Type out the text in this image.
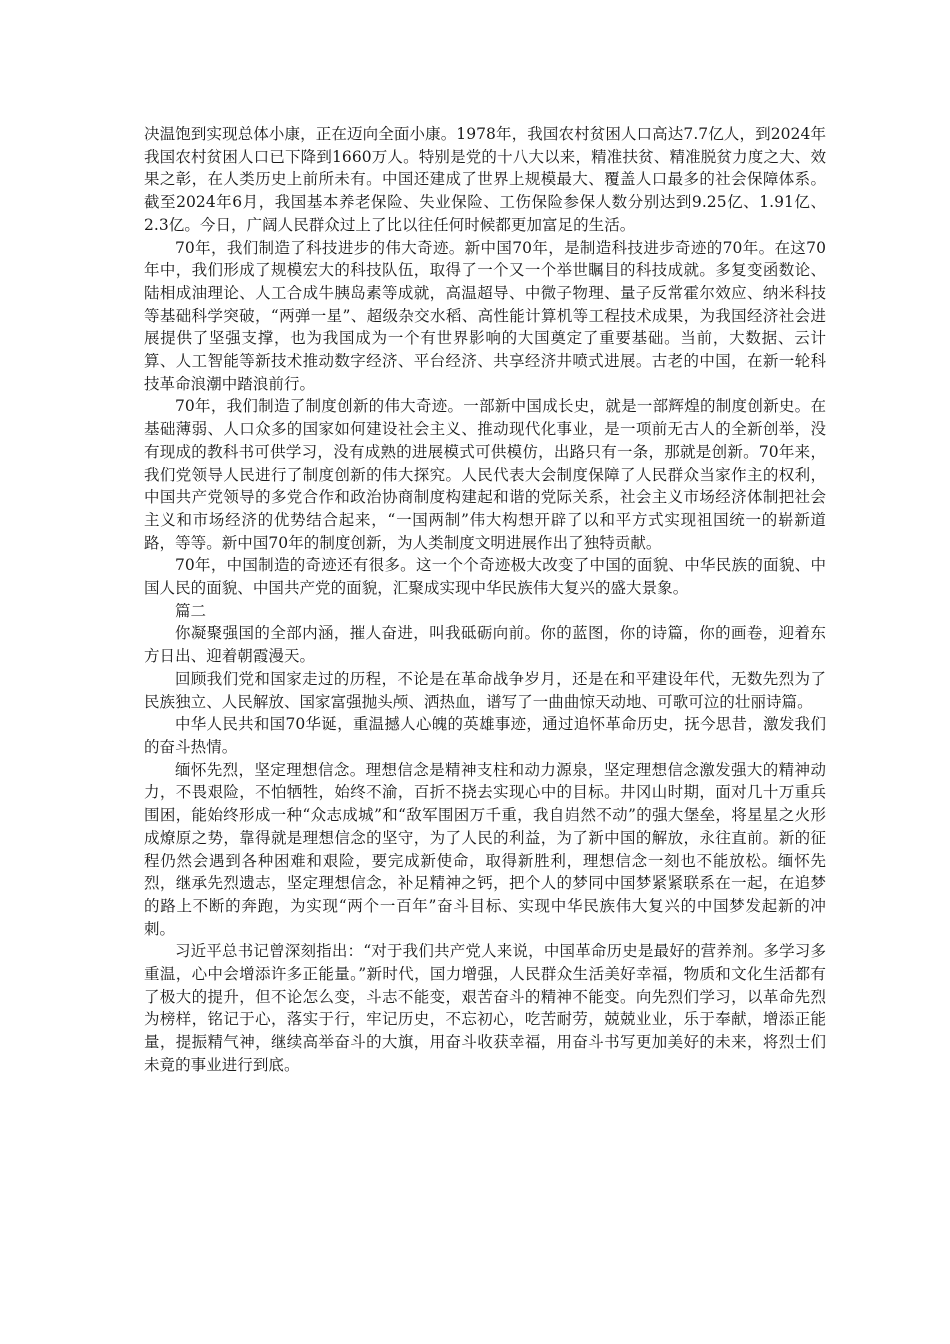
决温饱到实现总体小康，正在迈向全面小康。1978年，我国农村贫困人口高达7.7亿人，到2024年我国农村贫困人口已下降到1660万人。特别是党的十八大以来，精准扶贫、精准脱贫力度之大、效果之彰，在人类历史上前所未有。中国还建成了世界上规模最大、覆盖人口最多的社会保障体系。截至2024年6月，我国基本养老保险、失业保险、工伤保险参保人数分别达到9.25亿、1.91亿、2.3亿。今日，广阔人民群众过上了比以往任何时候都更加富足的生活。

70年，我们制造了科技进步的伟大奇迹。新中国70年，是制造科技进步奇迹的70年。在这70年中，我们形成了规模宏大的科技队伍，取得了一个又一个举世瞩目的科技成就。多复变函数论、陆相成油理论、人工合成牛胰岛素等成就，高温超导、中微子物理、量子反常霍尔效应、纳米科技等基础科学突破，“两弹一星”、超级杂交水稻、高性能计算机等工程技术成果，为我国经济社会进展提供了坚强支撑，也为我国成为一个有世界影响的大国奠定了重要基础。当前，大数据、云计算、人工智能等新技术推动数字经济、平台经济、共享经济井喷式进展。古老的中国，在新一轮科技革命浪潮中踏浪前行。

70年，我们制造了制度创新的伟大奇迹。一部新中国成长史，就是一部辉煌的制度创新史。在基础薄弱、人口众多的国家如何建设社会主义、推动现代化事业，是一项前无古人的全新创举，没有现成的教科书可供学习，没有成熟的进展模式可供模仿，出路只有一条，那就是创新。70年来，我们党领导人民进行了制度创新的伟大探究。人民代表大会制度保障了人民群众当家作主的权利，中国共产党领导的多党合作和政治协商制度构建起和谐的党际关系，社会主义市场经济体制把社会主义和市场经济的优势结合起来，“一国两制”伟大构想开辟了以和平方式实现祖国统一的崭新道路，等等。新中国70年的制度创新，为人类制度文明进展作出了独特贡献。

70年，中国制造的奇迹还有很多。这一个个奇迹极大改变了中国的面貌、中华民族的面貌、中国人民的面貌、中国共产党的面貌，汇聚成实现中华民族伟大复兴的盛大景象。

篇二

你凝聚强国的全部内涵，摧人奋进，叫我砥砺向前。你的蓝图，你的诗篇，你的画卷，迎着东方日出、迎着朝霞漫天。

回顾我们党和国家走过的历程，不论是在革命战争岁月，还是在和平建设年代，无数先烈为了民族独立、人民解放、国家富强抛头颅、洒热血，谱写了一曲曲惊天动地、可歌可泣的壮丽诗篇。

中华人民共和国70华诞，重温撼人心魄的英雄事迹，通过追怀革命历史，抚今思昔，激发我们的奋斗热情。

缅怀先烈，坚定理想信念。理想信念是精神支柱和动力源泉，坚定理想信念激发强大的精神动力，不畏艰险，不怕牺牲，始终不渝，百折不挠去实现心中的目标。井冈山时期，面对几十万重兵围困，能始终形成一种“众志成城”和“敌军围困万千重，我自岿然不动”的强大堡垒，将星星之火形成燎原之势，靠得就是理想信念的坚守，为了人民的利益，为了新中国的解放，永往直前。新的征程仍然会遇到各种困难和艰险，要完成新使命，取得新胜利，理想信念一刻也不能放松。缅怀先烈，继承先烈遗志，坚定理想信念，补足精神之钙，把个人的梦同中国梦紧紧联系在一起，在追梦的路上不断的奔跑，为实现“两个一百年”奋斗目标、实现中华民族伟大复兴的中国梦发起新的冲刺。

习近平总书记曾深刻指出：“对于我们共产党人来说，中国革命历史是最好的营养剂。多学习多重温，心中会增添许多正能量。”新时代，国力增强，人民群众生活美好幸福，物质和文化生活都有了极大的提升，但不论怎么变，斗志不能变，艰苦奋斗的精神不能变。向先烈们学习，以革命先烈为榜样，铭记于心，落实于行，牢记历史，不忘初心，吃苦耐劳，兢兢业业，乐于奉献，增添正能量，提振精气神，继续高举奋斗的大旗，用奋斗收获幸福，用奋斗书写更加美好的未来，将烈士们未竟的事业进行到底。
